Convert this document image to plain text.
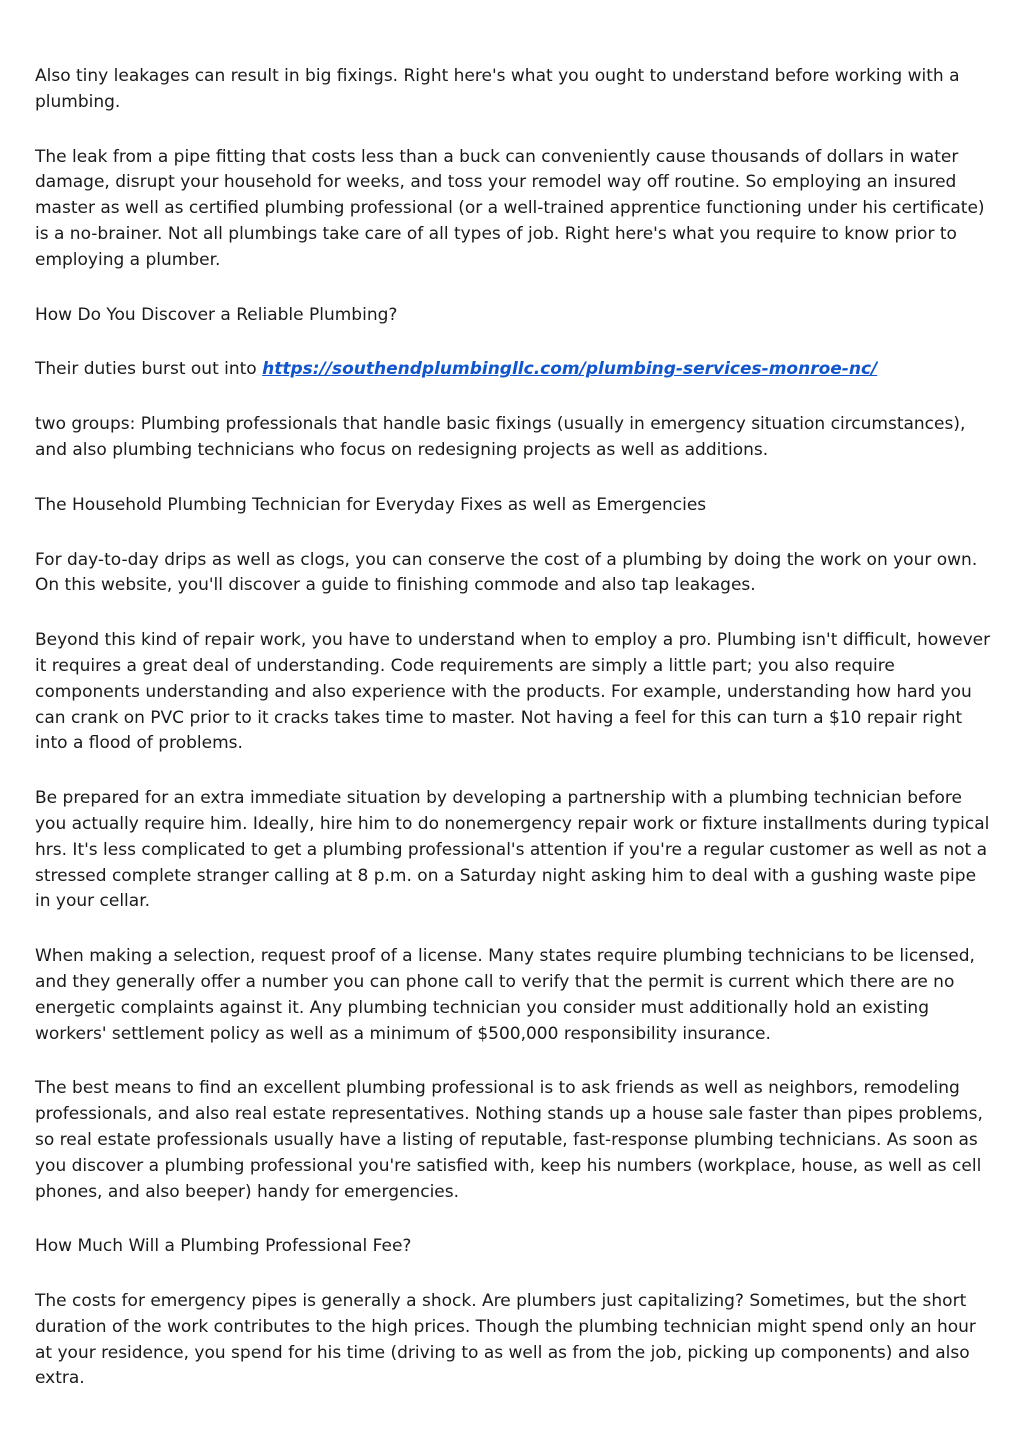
Also tiny leakages can result in big fixings. Right here's what you ought to understand before working with a plumbing.

The leak from a pipe fitting that costs less than a buck can conveniently cause thousands of dollars in water damage, disrupt your household for weeks, and toss your remodel way off routine. So employing an insured master as well as certified plumbing professional (or a well-trained apprentice functioning under his certificate) is a no-brainer. Not all plumbings take care of all types of job. Right here's what you require to know prior to employing a plumber.

How Do You Discover a Reliable Plumbing?

Their duties burst out into https://southendplumbingllc.com/plumbing-services-monroe-nc/

two groups: Plumbing professionals that handle basic fixings (usually in emergency situation circumstances), and also plumbing technicians who focus on redesigning projects as well as additions.

The Household Plumbing Technician for Everyday Fixes as well as Emergencies

For day-to-day drips as well as clogs, you can conserve the cost of a plumbing by doing the work on your own. On this website, you'll discover a guide to finishing commode and also tap leakages.

Beyond this kind of repair work, you have to understand when to employ a pro. Plumbing isn't difficult, however it requires a great deal of understanding. Code requirements are simply a little part; you also require components understanding and also experience with the products. For example, understanding how hard you can crank on PVC prior to it cracks takes time to master. Not having a feel for this can turn a $10 repair right into a flood of problems.

Be prepared for an extra immediate situation by developing a partnership with a plumbing technician before you actually require him. Ideally, hire him to do nonemergency repair work or fixture installments during typical hrs. It's less complicated to get a plumbing professional's attention if you're a regular customer as well as not a stressed complete stranger calling at 8 p.m. on a Saturday night asking him to deal with a gushing waste pipe in your cellar.

When making a selection, request proof of a license. Many states require plumbing technicians to be licensed, and they generally offer a number you can phone call to verify that the permit is current which there are no energetic complaints against it. Any plumbing technician you consider must additionally hold an existing workers' settlement policy as well as a minimum of $500,000 responsibility insurance.

The best means to find an excellent plumbing professional is to ask friends as well as neighbors, remodeling professionals, and also real estate representatives. Nothing stands up a house sale faster than pipes problems, so real estate professionals usually have a listing of reputable, fast-response plumbing technicians. As soon as you discover a plumbing professional you're satisfied with, keep his numbers (workplace, house, as well as cell phones, and also beeper) handy for emergencies.

How Much Will a Plumbing Professional Fee?

The costs for emergency pipes is generally a shock. Are plumbers just capitalizing? Sometimes, but the short duration of the work contributes to the high prices. Though the plumbing technician might spend only an hour at your residence, you spend for his time (driving to as well as from the job, picking up components) and also extra.
